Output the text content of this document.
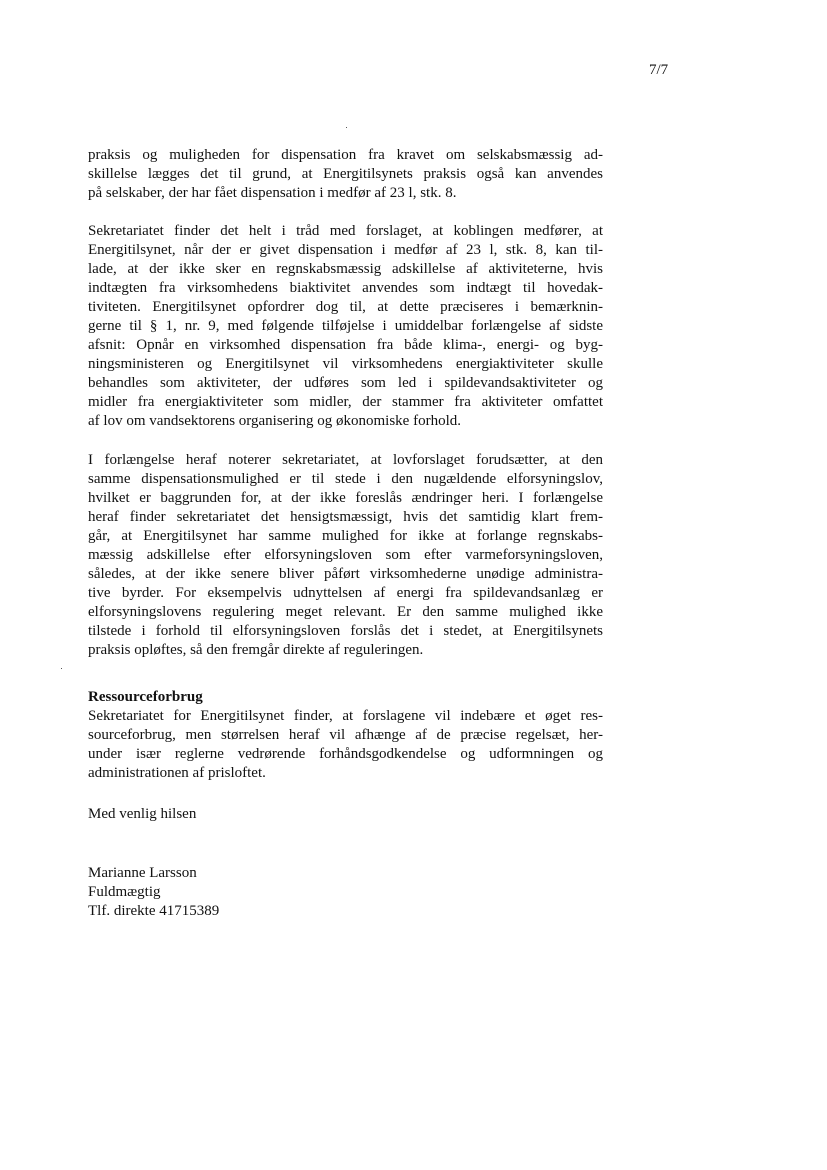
7/7
praksis og muligheden for dispensation fra kravet om selskabsmæssig ad-
skillelse lægges det til grund, at Energitilsynets praksis også kan anvendes
på selskaber, der har fået dispensation i medfør af 23 l, stk. 8.
Sekretariatet finder det helt i tråd med forslaget, at koblingen medfører, at
Energitilsynet, når der er givet dispensation i medfør af 23 l, stk. 8, kan til-
lade, at der ikke sker en regnskabsmæssig adskillelse af aktiviteterne, hvis
indtægten fra virksomhedens biaktivitet anvendes som indtægt til hovedak-
tiviteten. Energitilsynet opfordrer dog til, at dette præciseres i bemærknin-
gerne til § 1, nr. 9, med følgende tilføjelse i umiddelbar forlængelse af sidste
afsnit: Opnår en virksomhed dispensation fra både klima-, energi- og byg-
ningsministeren og Energitilsynet vil virksomhedens energiaktiviteter skulle
behandles som aktiviteter, der udføres som led i spildevandsaktiviteter og
midler fra energiaktiviteter som midler, der stammer fra aktiviteter omfattet
af lov om vandsektorens organisering og økonomiske forhold.
I forlængelse heraf noterer sekretariatet, at lovforslaget forudsætter, at den
samme dispensationsmulighed er til stede i den nugældende elforsyningslov,
hvilket er baggrunden for, at der ikke foreslås ændringer heri. I forlængelse
heraf finder sekretariatet det hensigtsmæssigt, hvis det samtidig klart frem-
går, at Energitilsynet har samme mulighed for ikke at forlange regnskabs-
mæssig adskillelse efter elforsyningsloven som efter varmeforsyningsloven,
således, at der ikke senere bliver påført virksomhederne unødige administra-
tive byrder. For eksempelvis udnyttelsen af energi fra spildevandsanlæg er
elforsyningslovens regulering meget relevant. Er den samme mulighed ikke
tilstede i forhold til elforsyningsloven forslås det i stedet, at Energitilsynets
praksis opløftes, så den fremgår direkte af reguleringen.
Ressourceforbrug
Sekretariatet for Energitilsynet finder, at forslagene vil indebære et øget res-
sourceforbrug, men størrelsen heraf vil afhænge af de præcise regelsæt, her-
under især reglerne vedrørende forhåndsgodkendelse og udformningen og
administrationen af prisloftet.
Med venlig hilsen
Marianne Larsson
Fuldmægtig
Tlf. direkte 41715389
